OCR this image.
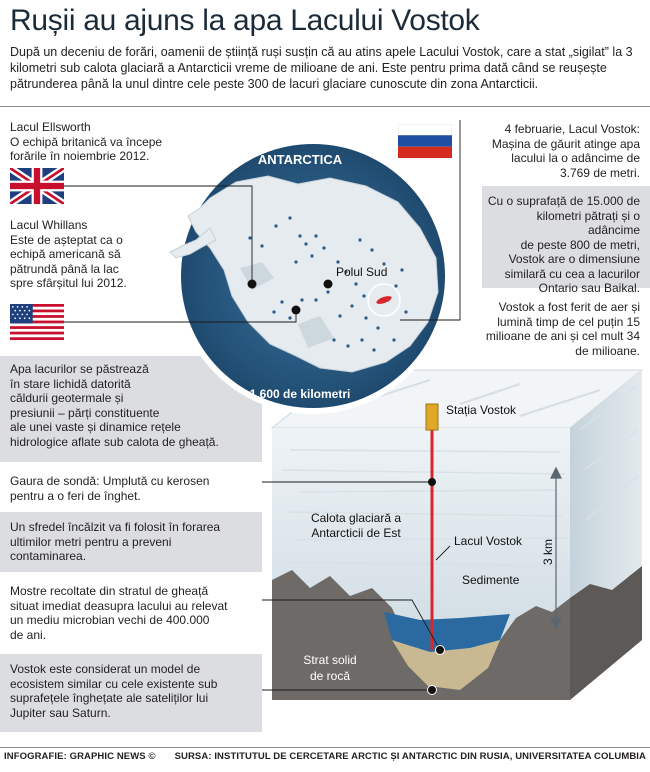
Rușii au ajuns la apa Lacului Vostok
După un deceniu de forări, oamenii de știință ruși susțin că au atins apele Lacului Vostok, care a stat „sigilat” la 3 kilometri sub calota glaciară a Antarcticii vreme de milioane de ani. Este pentru prima dată când se reușește pătrunderea până la unul dintre cele peste 300 de lacuri glaciare cunoscute din zona Antarcticii.
Lacul Ellsworth
O echipă britanică va începe
forările în noiembrie 2012.
Lacul Whillans
Este de așteptat ca o
echipă americană să
pătrundă până la lac
spre sfârșitul lui 2012.
Apa lacurilor se păstrează
în stare lichidă datorită
căldurii geotermale și
presiunii – părți constituente
ale unei vaste și dinamice rețele
hidrologice aflate sub calota de gheață.
Gaura de sondă: Umplută cu kerosen
pentru a o feri de înghet.
Un sfredel încălzit va fi folosit în forarea
ultimilor metri pentru a preveni
contaminarea.
Mostre recoltate din stratul de gheață
situat imediat deasupra lacului au relevat
un mediu microbian vechi de 400.000
de ani.
Vostok este considerat un model de
ecosistem similar cu cele existente sub
suprafețele înghețate ale sateliților lui
Jupiter sau Saturn.
4 februarie, Lacul Vostok:
Mașina de găurit atinge apa
lacului la o adâncime de
3.769 de metri.
Cu o suprafață de 15.000 de
kilometri pătrați și o adâncime
de peste 800 de metri,
Vostok are o dimensiune
similară cu cea a lacurilor
Ontario sau Baikal.
Vostok a fost ferit de aer și
lumină timp de cel puțin 15
milioane de ani și cel mult 34
de milioane.
ANTARCTICA
Polul Sud
1.600 de kilometri
Stația Vostok
Calota glaciară a
Antarcticii de Est
Lacul Vostok
Sedimente
Strat solid
de rocă
3 km
INFOGRAFIE: GRAPHIC NEWS © SURSA: INSTITUTUL DE CERCETARE ARCTIC ȘI ANTARCTIC DIN RUSIA, UNIVERSITATEA COLUMBIA
